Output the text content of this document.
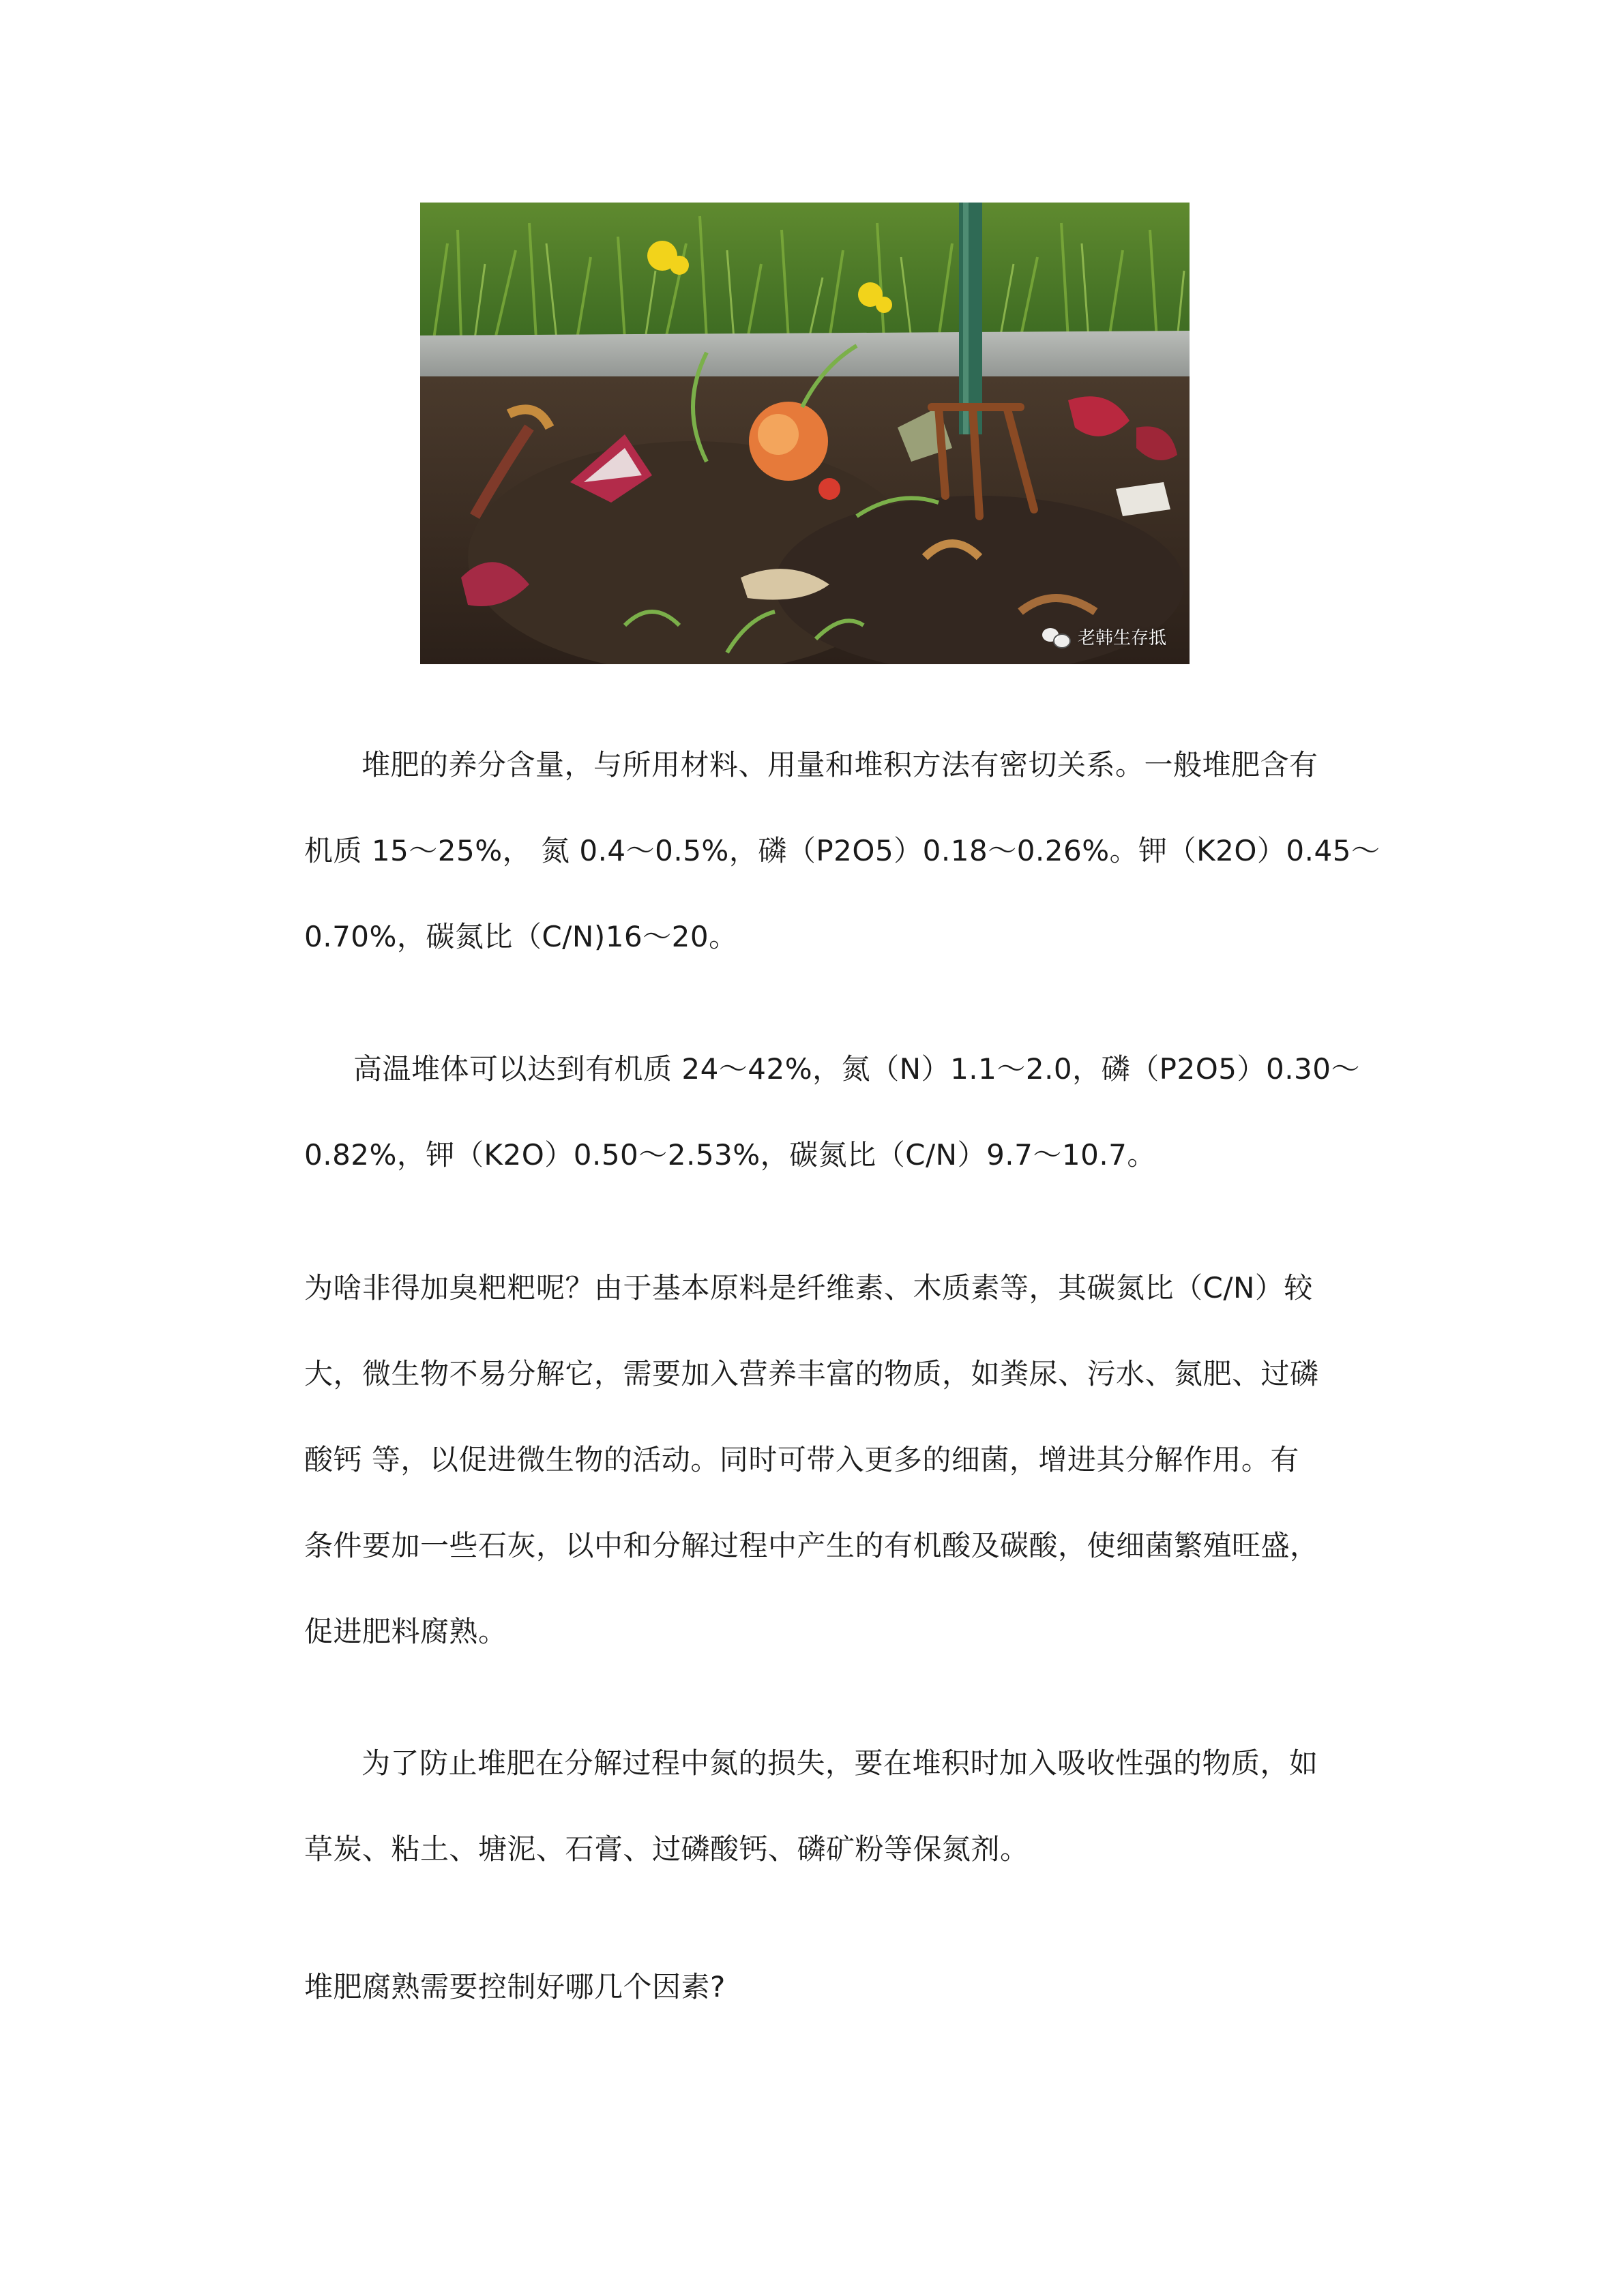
老韩生存抵
堆肥的养分含量，与所用材料、用量和堆积方法有密切关系。一般堆肥含有
机质 15～25%， 氮 0.4～0.5%，磷（P2O5）0.18～0.26%。钾（K2O）0.45～
0.70%，碳氮比（C/N)16～20。
高温堆体可以达到有机质 24～42%，氮（N）1.1～2.0，磷（P2O5）0.30～
0.82%，钾（K2O）0.50～2.53%，碳氮比（C/N）9.7～10.7。
为啥非得加臭粑粑呢？由于基本原料是纤维素、木质素等，其碳氮比（C/N）较
大，微生物不易分解它，需要加入营养丰富的物质，如粪尿、污水、氮肥、过磷
酸钙 等，以促进微生物的活动。同时可带入更多的细菌，增进其分解作用。有
条件要加一些石灰，以中和分解过程中产生的有机酸及碳酸，使细菌繁殖旺盛，
促进肥料腐熟。
为了防止堆肥在分解过程中氮的损失，要在堆积时加入吸收性强的物质，如
草炭、粘土、塘泥、石膏、过磷酸钙、磷矿粉等保氮剂。
堆肥腐熟需要控制好哪几个因素?
